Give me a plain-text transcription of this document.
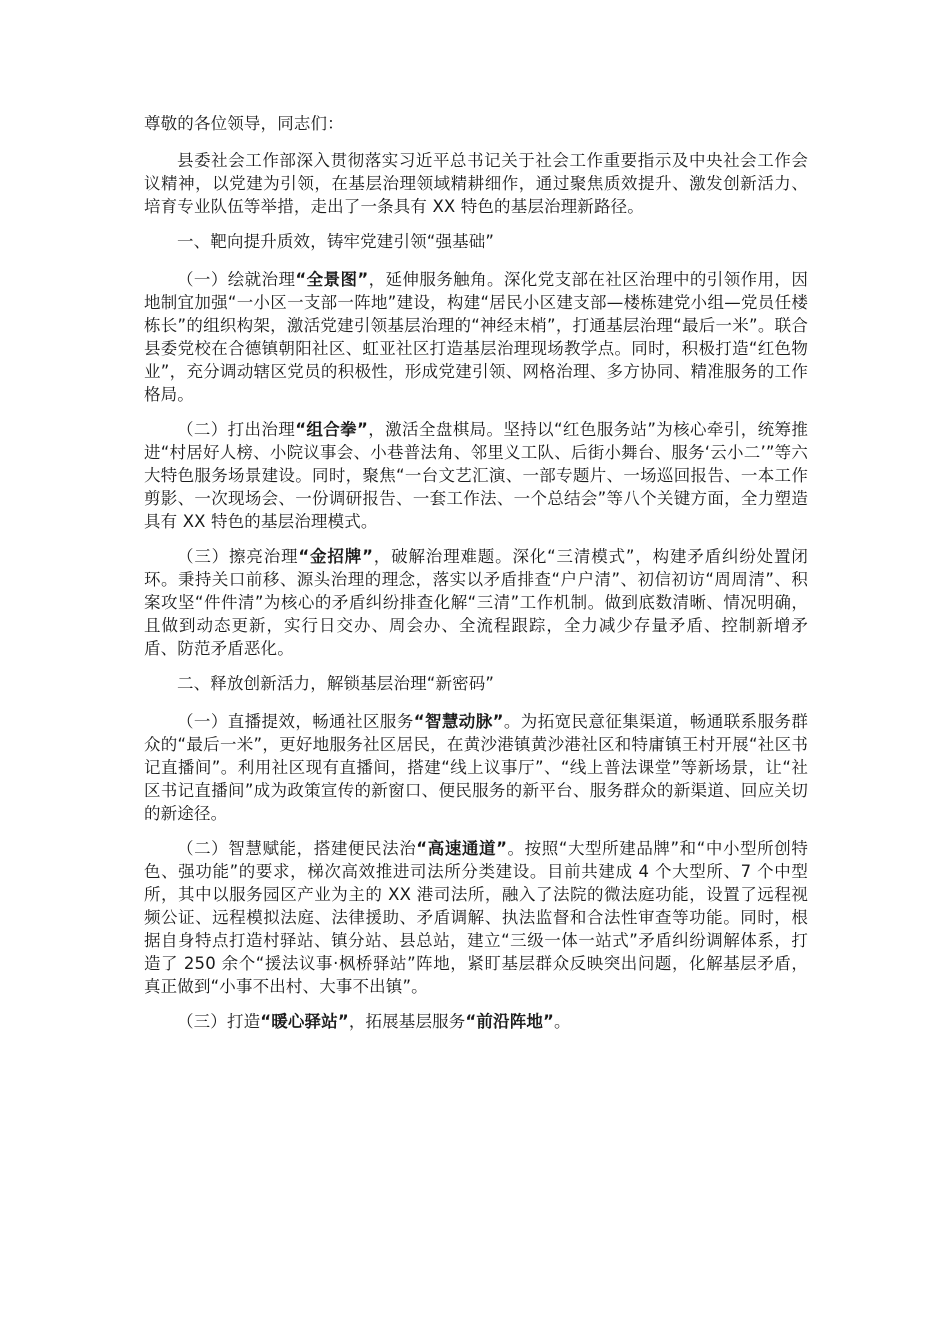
尊敬的各位领导，同志们：

县委社会工作部深入贯彻落实习近平总书记关于社会工作重要指示及中央社会工作会议精神，以党建为引领，在基层治理领域精耕细作，通过聚焦质效提升、激发创新活力、培育专业队伍等举措，走出了一条具有 XX 特色的基层治理新路径。

一、靶向提升质效，铸牢党建引领“强基础”

（一）绘就治理“全景图”，延伸服务触角。深化党支部在社区治理中的引领作用，因地制宜加强“一小区一支部一阵地”建设，构建“居民小区建支部—楼栋建党小组—党员任楼栋长”的组织构架，激活党建引领基层治理的“神经末梢”，打通基层治理“最后一米”。联合县委党校在合德镇朝阳社区、虹亚社区打造基层治理现场教学点。同时，积极打造“红色物业”，充分调动辖区党员的积极性，形成党建引领、网格治理、多方协同、精准服务的工作格局。

（二）打出治理“组合拳”，激活全盘棋局。坚持以“红色服务站”为核心牵引，统筹推进“村居好人榜、小院议事会、小巷普法角、邻里义工队、后街小舞台、服务‘云小二’”等六大特色服务场景建设。同时，聚焦“一台文艺汇演、一部专题片、一场巡回报告、一本工作剪影、一次现场会、一份调研报告、一套工作法、一个总结会”等八个关键方面，全力塑造具有 XX 特色的基层治理模式。

（三）擦亮治理“金招牌”，破解治理难题。深化“三清模式”，构建矛盾纠纷处置闭环。秉持关口前移、源头治理的理念，落实以矛盾排查“户户清”、初信初访“周周清”、积案攻坚“件件清”为核心的矛盾纠纷排查化解“三清”工作机制。做到底数清晰、情况明确，且做到动态更新，实行日交办、周会办、全流程跟踪，全力减少存量矛盾、控制新增矛盾、防范矛盾恶化。

二、释放创新活力，解锁基层治理“新密码”

（一）直播提效，畅通社区服务“智慧动脉”。为拓宽民意征集渠道，畅通联系服务群众的“最后一米”，更好地服务社区居民，在黄沙港镇黄沙港社区和特庸镇王村开展“社区书记直播间”。利用社区现有直播间，搭建“线上议事厅”、“线上普法课堂”等新场景，让“社区书记直播间”成为政策宣传的新窗口、便民服务的新平台、服务群众的新渠道、回应关切的新途径。

（二）智慧赋能，搭建便民法治“高速通道”。按照“大型所建品牌”和“中小型所创特色、强功能”的要求，梯次高效推进司法所分类建设。目前共建成 4 个大型所、7 个中型所，其中以服务园区产业为主的 XX 港司法所，融入了法院的微法庭功能，设置了远程视频公证、远程模拟法庭、法律援助、矛盾调解、执法监督和合法性审查等功能。同时，根据自身特点打造村驿站、镇分站、县总站，建立“三级一体一站式”矛盾纠纷调解体系，打造了 250 余个“援法议事·枫桥驿站”阵地，紧盯基层群众反映突出问题，化解基层矛盾，真正做到“小事不出村、大事不出镇”。

（三）打造“暖心驿站”，拓展基层服务“前沿阵地”。
